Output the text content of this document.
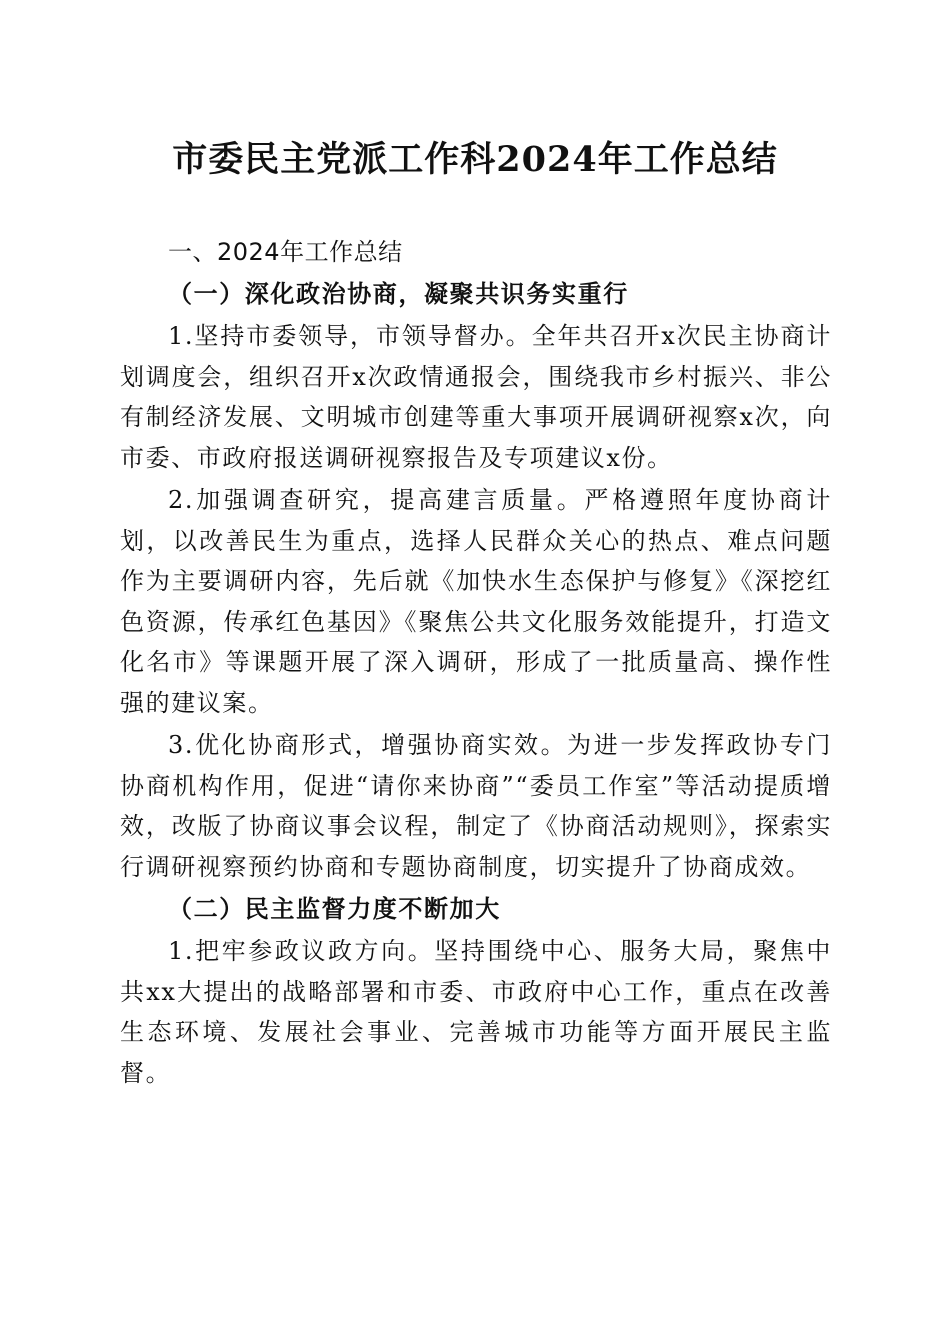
市委民主党派工作科2024年工作总结
一、2024年工作总结
（一）深化政治协商，凝聚共识务实重行

1.坚持市委领导，市领导督办。全年共召开x次民主协商计划调度会，组织召开x次政情通报会，围绕我市乡村振兴、非公有制经济发展、文明城市创建等重大事项开展调研视察x次，向市委、市政府报送调研视察报告及专项建议x份。

2.加强调查研究，提高建言质量。严格遵照年度协商计划，以改善民生为重点，选择人民群众关心的热点、难点问题作为主要调研内容，先后就《加快水生态保护与修复》《深挖红色资源，传承红色基因》《聚焦公共文化服务效能提升，打造文化名市》等课题开展了深入调研，形成了一批质量高、操作性强的建议案。

3.优化协商形式，增强协商实效。为进一步发挥政协专门协商机构作用，促进“请你来协商”“委员工作室”等活动提质增效，改版了协商议事会议程，制定了《协商活动规则》，探索实行调研视察预约协商和专题协商制度，切实提升了协商成效。

（二）民主监督力度不断加大

1.把牢参政议政方向。坚持围绕中心、服务大局，聚焦中共xx大提出的战略部署和市委、市政府中心工作，重点在改善生态环境、发展社会事业、完善城市功能等方面开展民主监督。
